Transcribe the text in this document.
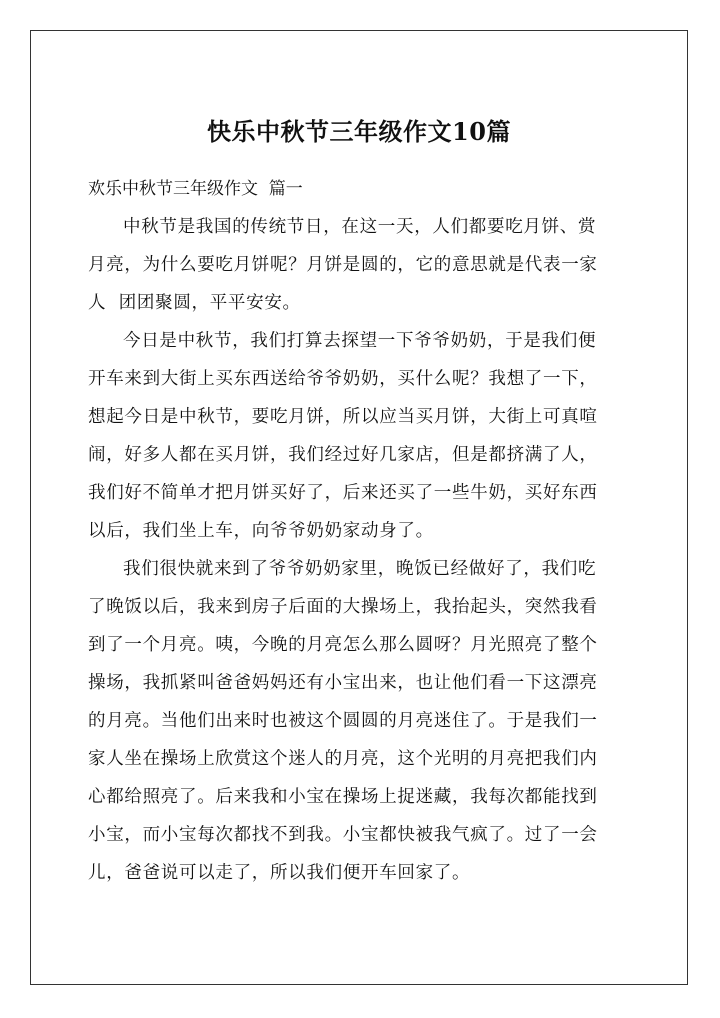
快乐中秋节三年级作文10篇
欢乐中秋节三年级作文  篇一
中秋节是我国的传统节日，在这一天，人们都要吃月饼、赏
月亮，为什么要吃月饼呢？月饼是圆的，它的意思就是代表一家
人  团团聚圆，平平安安。
今日是中秋节，我们打算去探望一下爷爷奶奶，于是我们便
开车来到大街上买东西送给爷爷奶奶，买什么呢？我想了一下，
想起今日是中秋节，要吃月饼，所以应当买月饼，大街上可真喧
闹，好多人都在买月饼，我们经过好几家店，但是都挤满了人，
我们好不简单才把月饼买好了，后来还买了一些牛奶，买好东西
以后，我们坐上车，向爷爷奶奶家动身了。
我们很快就来到了爷爷奶奶家里，晚饭已经做好了，我们吃
了晚饭以后，我来到房子后面的大操场上，我抬起头，突然我看
到了一个月亮。咦，今晚的月亮怎么那么圆呀？月光照亮了整个
操场，我抓紧叫爸爸妈妈还有小宝出来，也让他们看一下这漂亮
的月亮。当他们出来时也被这个圆圆的月亮迷住了。于是我们一
家人坐在操场上欣赏这个迷人的月亮，这个光明的月亮把我们内
心都给照亮了。后来我和小宝在操场上捉迷藏，我每次都能找到
小宝，而小宝每次都找不到我。小宝都快被我气疯了。过了一会
儿，爸爸说可以走了，所以我们便开车回家了。
